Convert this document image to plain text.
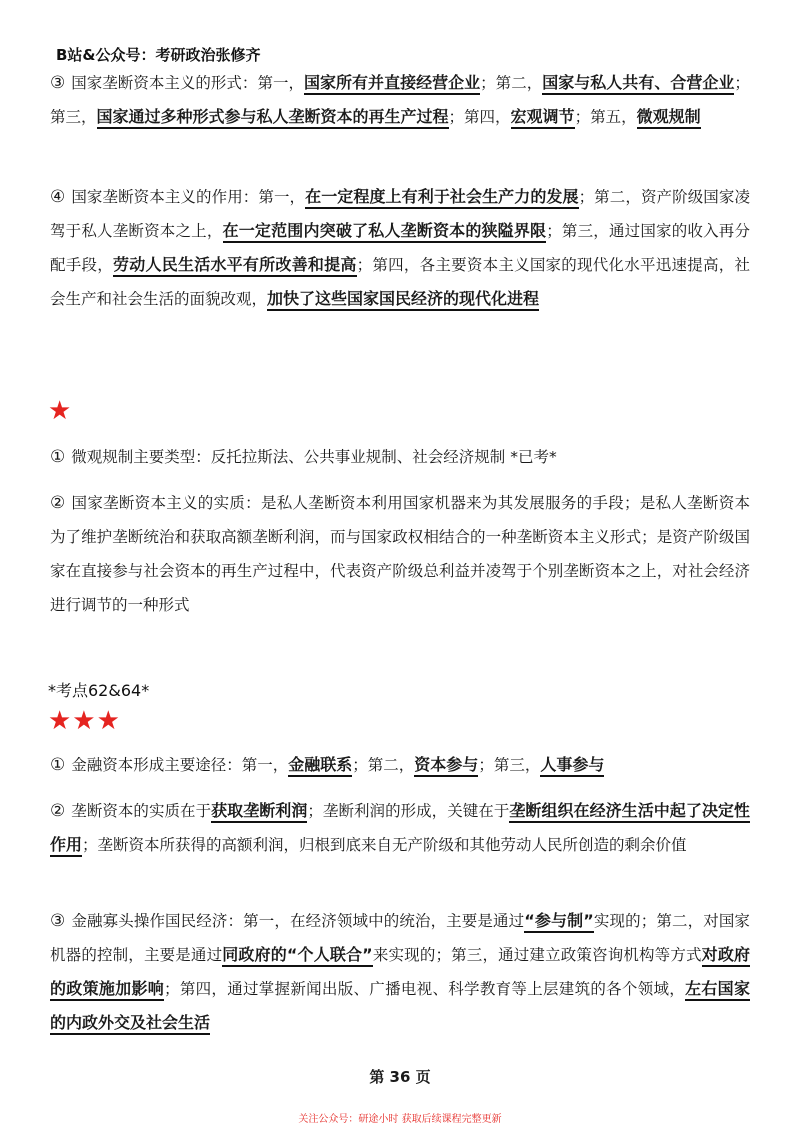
B站&公众号：考研政治张修齐

③ 国家垄断资本主义的形式：第一，国家所有并直接经营企业；第二，国家与私人共有、合营企业；第三，国家通过多种形式参与私人垄断资本的再生产过程；第四，宏观调节；第五，微观规制

④ 国家垄断资本主义的作用：第一，在一定程度上有利于社会生产力的发展；第二，资产阶级国家凌驾于私人垄断资本之上，在一定范围内突破了私人垄断资本的狭隘界限；第三，通过国家的收入再分配手段，劳动人民生活水平有所改善和提高；第四，各主要资本主义国家的现代化水平迅速提高，社会生产和社会生活的面貌改观，加快了这些国家国民经济的现代化进程

★

① 微观规制主要类型：反托拉斯法、公共事业规制、社会经济规制 *已考*

② 国家垄断资本主义的实质：是私人垄断资本利用国家机器来为其发展服务的手段；是私人垄断资本为了维护垄断统治和获取高额垄断利润，而与国家政权相结合的一种垄断资本主义形式；是资产阶级国家在直接参与社会资本的再生产过程中，代表资产阶级总利益并凌驾于个别垄断资本之上，对社会经济进行调节的一种形式

*考点62&64*
★★★

① 金融资本形成主要途径：第一，金融联系；第二，资本参与；第三，人事参与

② 垄断资本的实质在于获取垄断利润；垄断利润的形成，关键在于垄断组织在经济生活中起了决定性作用；垄断资本所获得的高额利润，归根到底来自无产阶级和其他劳动人民所创造的剩余价值

③ 金融寡头操作国民经济：第一，在经济领域中的统治，主要是通过“参与制”实现的；第二，对国家机器的控制，主要是通过同政府的“个人联合”来实现的；第三，通过建立政策咨询机构等方式对政府的政策施加影响；第四，通过掌握新闻出版、广播电视、科学教育等上层建筑的各个领域，左右国家的内政外交及社会生活

第 36 页
关注公众号：研途小时 获取后续课程完整更新
